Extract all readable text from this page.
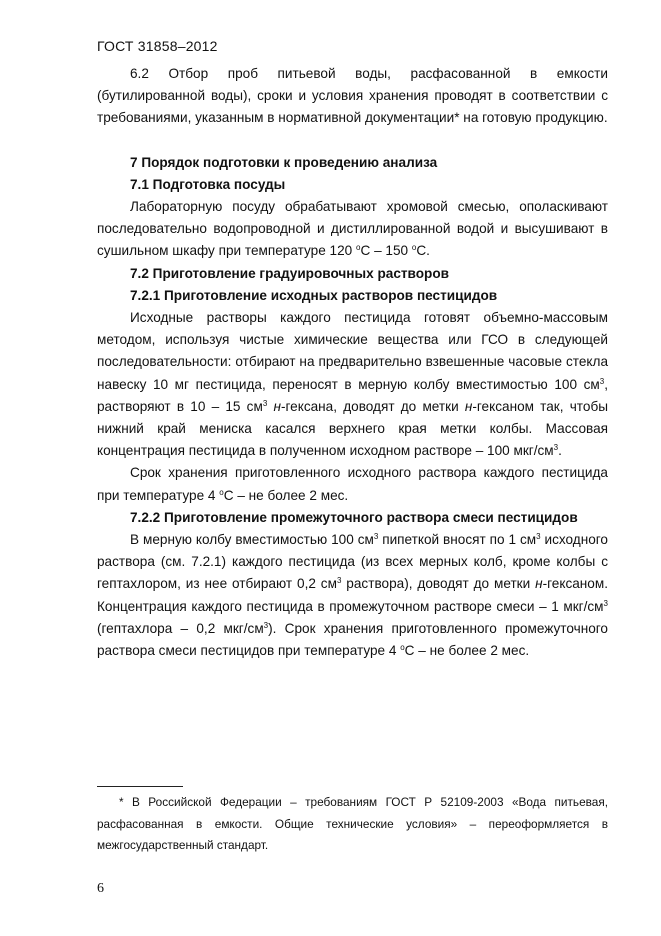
ГОСТ 31858–2012

6.2 Отбор проб питьевой воды, расфасованной в емкости (бутилированной воды), сроки и условия хранения проводят в соответствии с требованиями, указанным в нормативной документации* на готовую продукцию.

7 Порядок подготовки к проведению анализа
7.1 Подготовка посуды

Лабораторную посуду обрабатывают хромовой смесью, ополаскивают последовательно водопроводной и дистиллированной водой и высушивают в сушильном шкафу при температуре 120 $^о$С – 150 $^о$С.

7.2 Приготовление градуировочных растворов
7.2.1 Приготовление исходных растворов пестицидов

Исходные растворы каждого пестицида готовят объемно-массовым методом, используя чистые химические вещества или ГСО в следующей последовательности: отбирают на предварительно взвешенные часовые стекла навеску 10 мг пестицида, переносят в мерную колбу вместимостью 100 $см^3$, растворяют в 10 – 15 $см^3$ н-гексана, доводят до метки н-гексаном так, чтобы нижний край мениска касался верхнего края метки колбы. Массовая концентрация пестицида в полученном исходном растворе – 100 мкг/$см^3$.

Срок хранения приготовленного исходного раствора каждого пестицида при температуре 4 $^о$С – не более 2 мес.

7.2.2 Приготовление промежуточного раствора смеси пестицидов

В мерную колбу вместимостью 100 $см^3$ пипеткой вносят по 1 $см^3$ исходного раствора (см. 7.2.1) каждого пестицида (из всех мерных колб, кроме колбы с гептахлором, из нее отбирают 0,2 $см^3$ раствора), доводят до метки н-гексаном. Концентрация каждого пестицида в промежуточном растворе смеси – 1 мкг/$см^3$ (гептахлора – 0,2 мкг/$см^3$). Срок хранения приготовленного промежуточного раствора смеси пестицидов при температуре 4 $^о$С – не более 2 мес.

* В Российской Федерации – требованиям ГОСТ Р 52109-2003 «Вода питьевая, расфасованная в емкости. Общие технические условия» – переоформляется в межгосударственный стандарт.
6
